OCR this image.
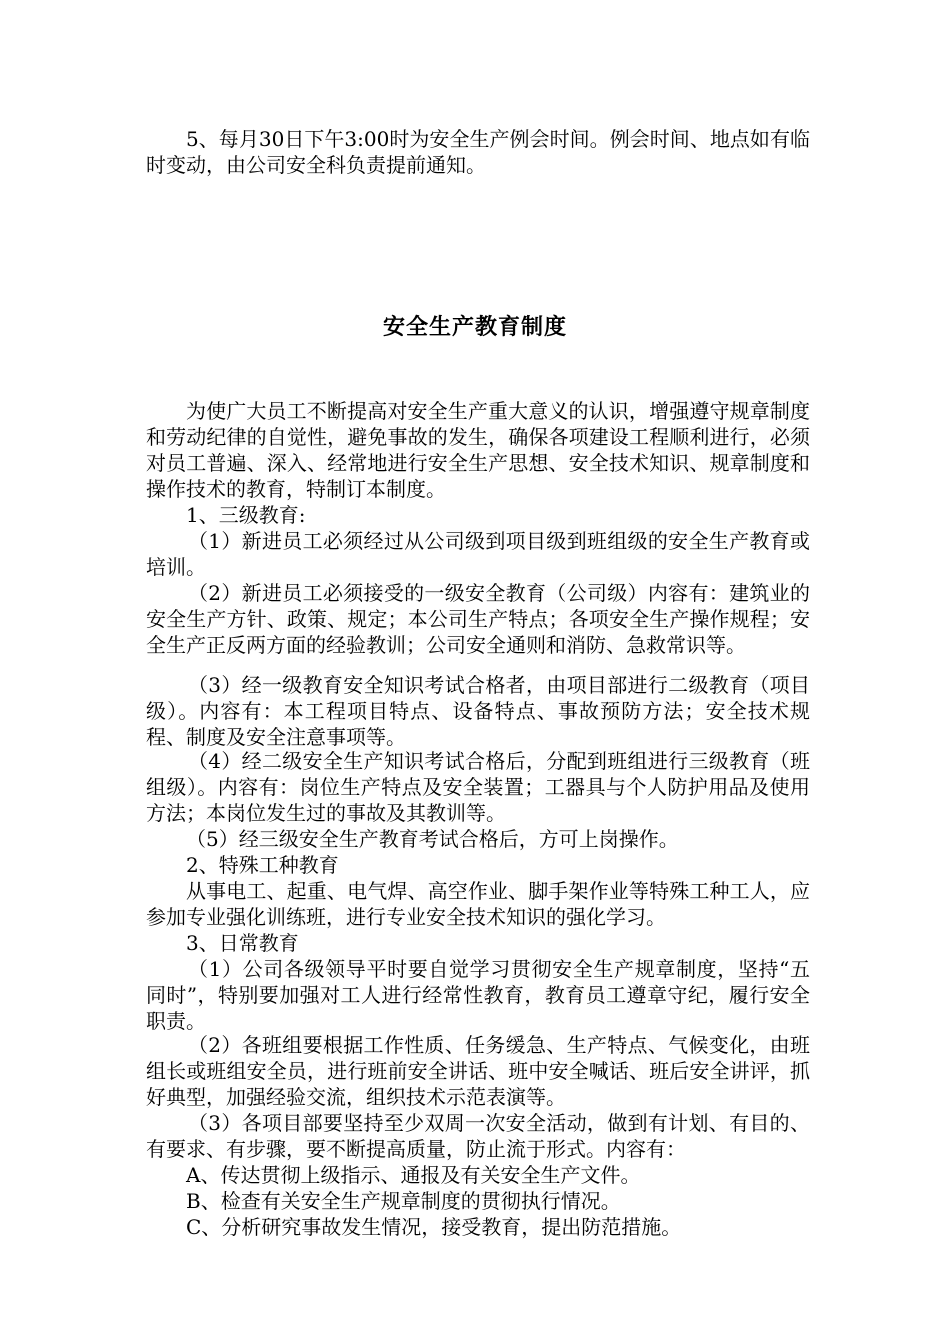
5、每月30日下午3:00时为安全生产例会时间。例会时间、地点如有临时变动，由公司安全科负责提前通知。

安全生产教育制度

为使广大员工不断提高对安全生产重大意义的认识，增强遵守规章制度和劳动纪律的自觉性，避免事故的发生，确保各项建设工程顺利进行，必须对员工普遍、深入、经常地进行安全生产思想、安全技术知识、规章制度和操作技术的教育，特制订本制度。

1、三级教育:

（1）新进员工必须经过从公司级到项目级到班组级的安全生产教育或培训。

（2）新进员工必须接受的一级安全教育（公司级）内容有：建筑业的安全生产方针、政策、规定；本公司生产特点；各项安全生产操作规程；安全生产正反两方面的经验教训；公司安全通则和消防、急救常识等。

（3）经一级教育安全知识考试合格者，由项目部进行二级教育（项目级）。内容有：本工程项目特点、设备特点、事故预防方法；安全技术规程、制度及安全注意事项等。

（4）经二级安全生产知识考试合格后，分配到班组进行三级教育（班组级）。内容有：岗位生产特点及安全装置；工器具与个人防护用品及使用方法；本岗位发生过的事故及其教训等。

（5）经三级安全生产教育考试合格后，方可上岗操作。

2、特殊工种教育

从事电工、起重、电气焊、高空作业、脚手架作业等特殊工种工人，应参加专业强化训练班，进行专业安全技术知识的强化学习。

3、日常教育

（1）公司各级领导平时要自觉学习贯彻安全生产规章制度，坚持“五同时”，特别要加强对工人进行经常性教育，教育员工遵章守纪，履行安全职责。

（2）各班组要根据工作性质、任务缓急、生产特点、气候变化，由班组长或班组安全员，进行班前安全讲话、班中安全喊话、班后安全讲评，抓好典型，加强经验交流，组织技术示范表演等。

（3）各项目部要坚持至少双周一次安全活动，做到有计划、有目的、有要求、有步骤，要不断提高质量，防止流于形式。内容有：

A、传达贯彻上级指示、通报及有关安全生产文件。

B、检查有关安全生产规章制度的贯彻执行情况。

C、分析研究事故发生情况，接受教育，提出防范措施。
